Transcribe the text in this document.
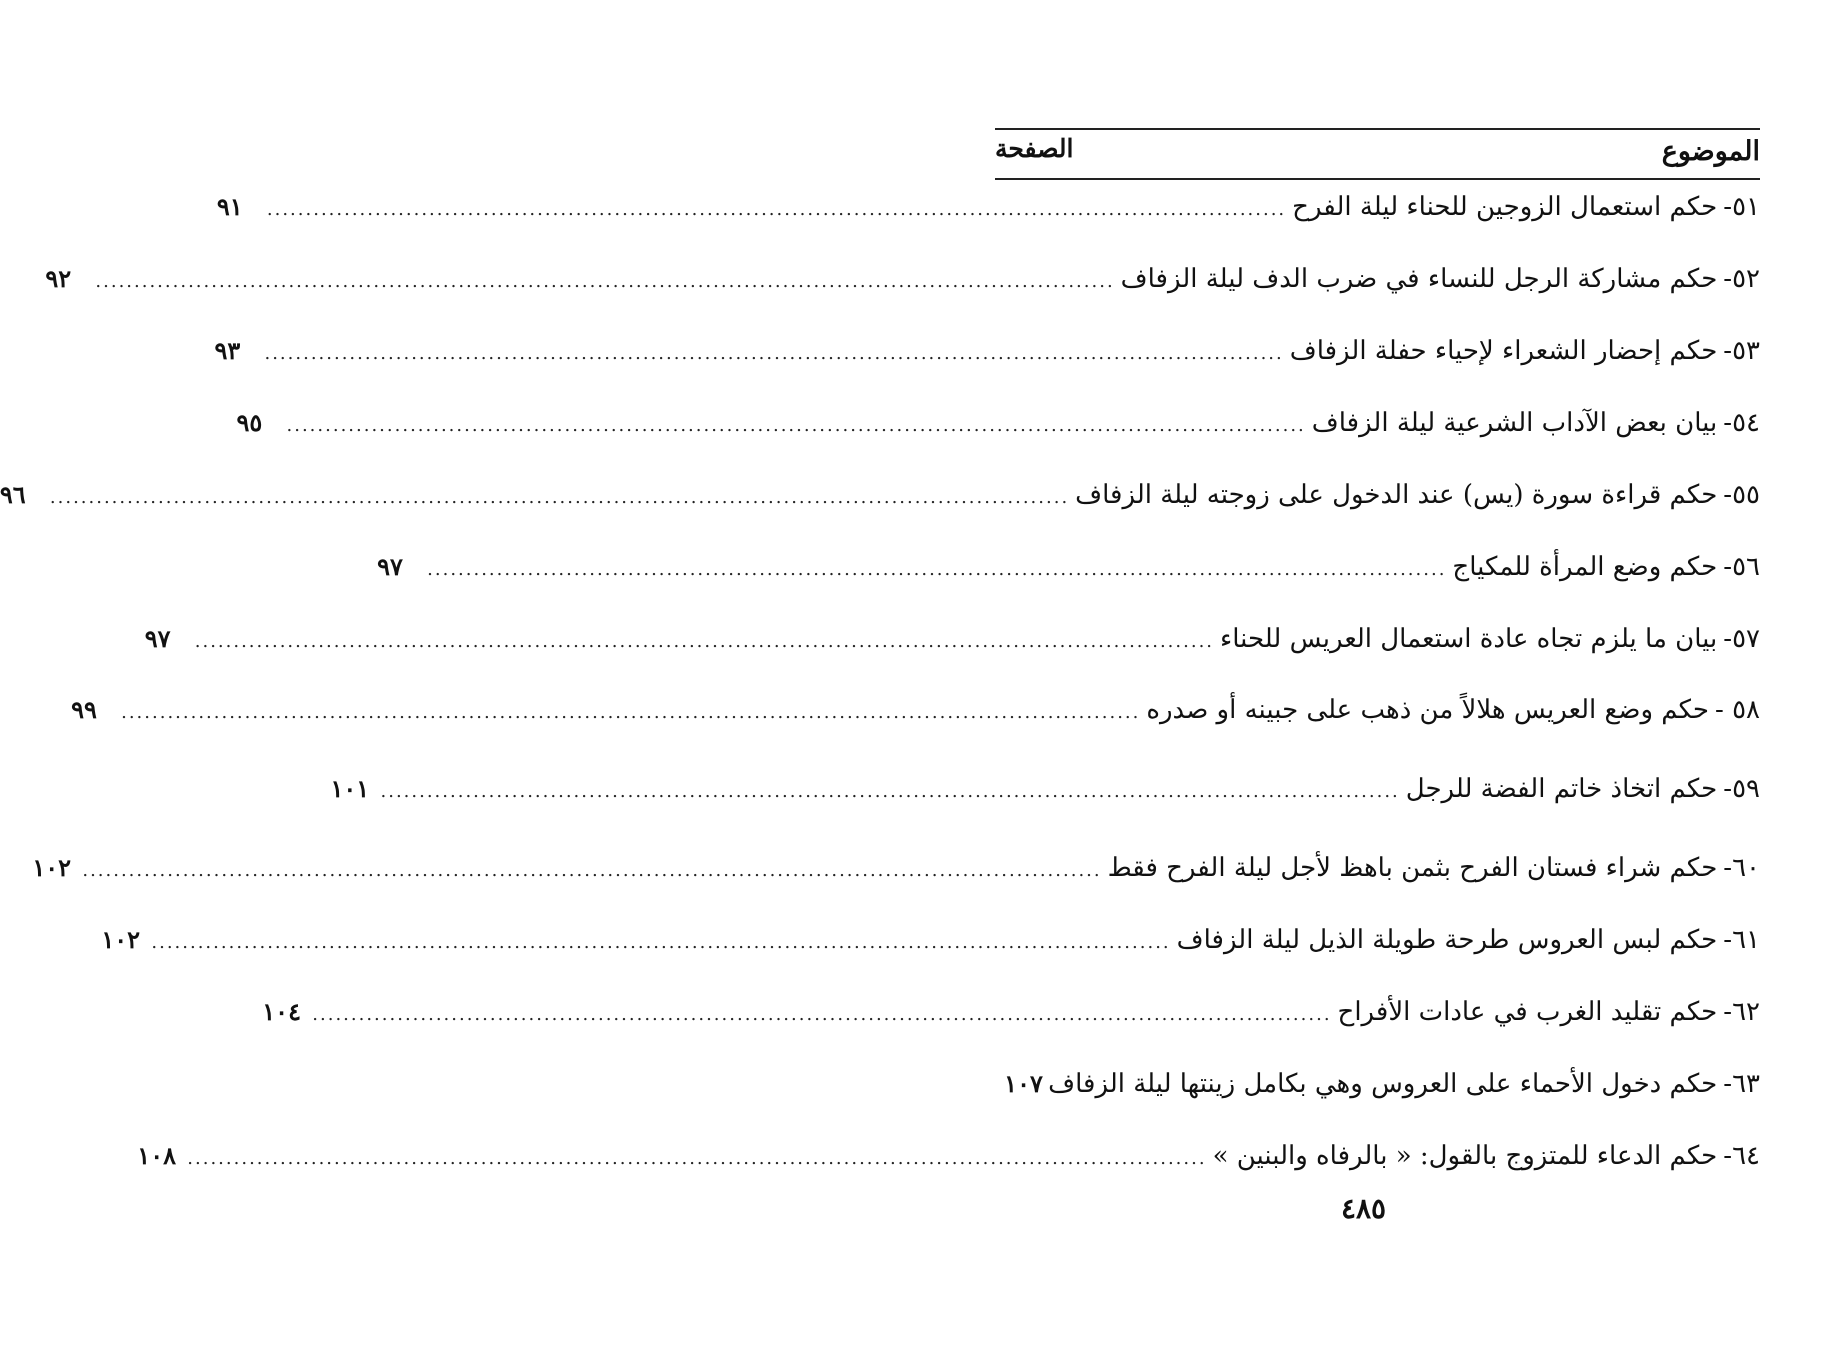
الموضوع
الصفحة
٥١-
حكم استعمال الزوجين للحناء ليلة الفرح
.....
٩١
٥٢-
حكم مشاركة الرجل للنساء في ضرب الدف ليلة الزفاف
.....
٩٢
٥٣-
حكم إحضار الشعراء لإحياء حفلة الزفاف
.....
٩٣
٥٤-
بيان بعض الآداب الشرعية ليلة الزفاف
.....
٩٥
٥٥-
حكم قراءة سورة (يس) عند الدخول على زوجته ليلة الزفاف
.....
٩٦
٥٦-
حكم وضع المرأة للمكياج
.....
٩٧
٥٧-
بيان ما يلزم تجاه عادة استعمال العريس للحناء
.....
٩٧
٥٨ -
حكم وضع العريس هلالاً من ذهب على جبينه أو صدره
.....
٩٩
٥٩-
حكم اتخاذ خاتم الفضة للرجل
.....
١٠١
٦٠-
حكم شراء فستان الفرح بثمن باهظ لأجل ليلة الفرح فقط
.....
١٠٢
٦١-
حكم لبس العروس طرحة طويلة الذيل ليلة الزفاف
.....
١٠٢
٦٢-
حكم تقليد الغرب في عادات الأفراح
.....
١٠٤
٦٣-
حكم دخول الأحماء على العروس وهي بكامل زينتها ليلة الزفاف
١٠٧
٦٤-
حكم الدعاء للمتزوج بالقول: « بالرفاه والبنين »
.....
١٠٨
٤٨٥
